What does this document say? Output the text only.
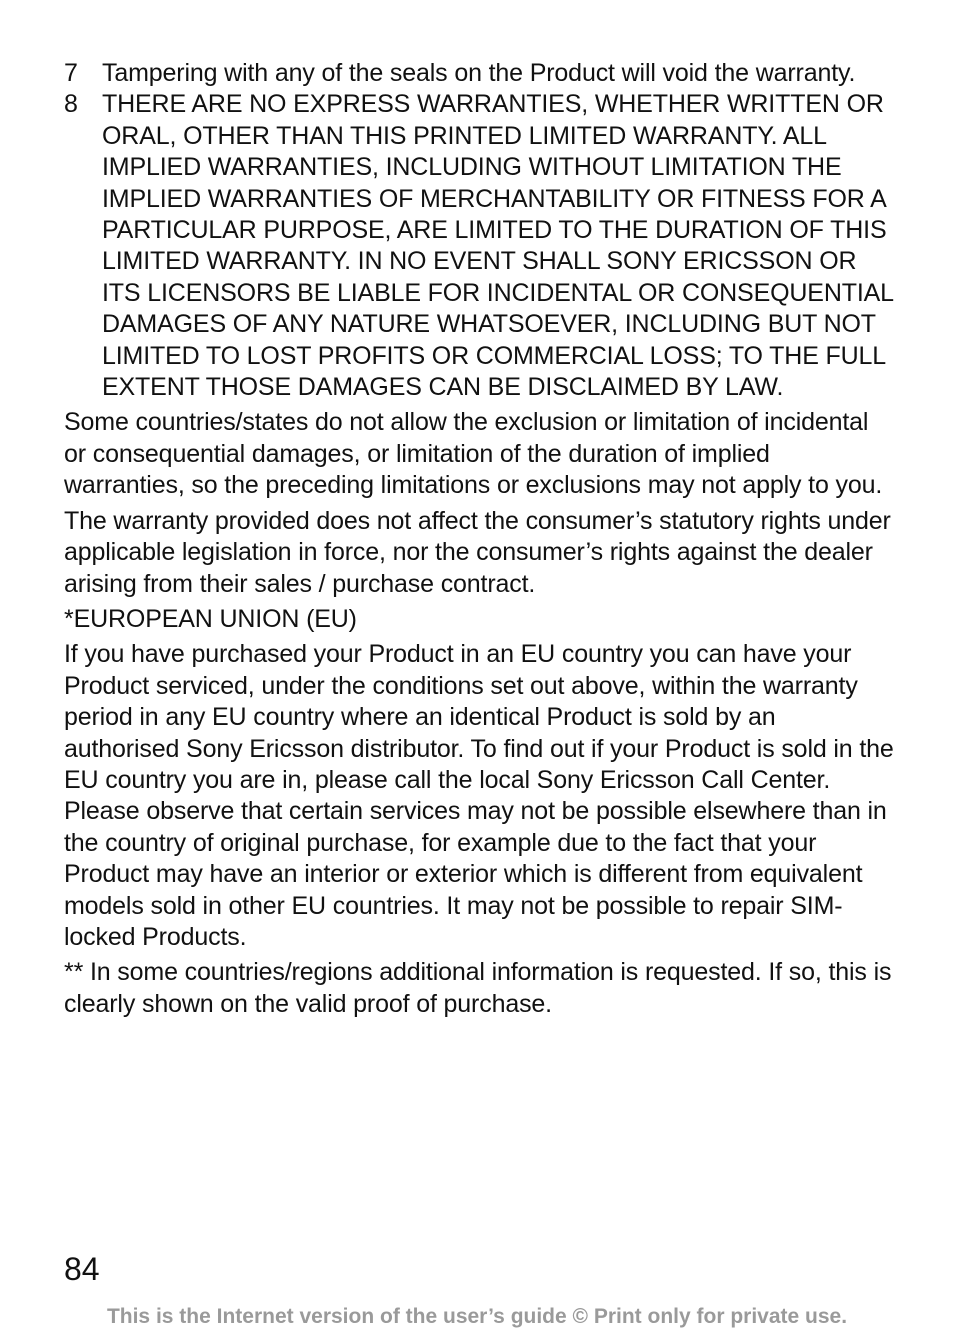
7 Tampering with any of the seals on the Product will void the warranty.
8 THERE ARE NO EXPRESS WARRANTIES, WHETHER WRITTEN OR ORAL, OTHER THAN THIS PRINTED LIMITED WARRANTY. ALL IMPLIED WARRANTIES, INCLUDING WITHOUT LIMITATION THE IMPLIED WARRANTIES OF MERCHANTABILITY OR FITNESS FOR A PARTICULAR PURPOSE, ARE LIMITED TO THE DURATION OF THIS LIMITED WARRANTY. IN NO EVENT SHALL SONY ERICSSON OR ITS LICENSORS BE LIABLE FOR INCIDENTAL OR CONSEQUENTIAL DAMAGES OF ANY NATURE WHATSOEVER, INCLUDING BUT NOT LIMITED TO LOST PROFITS OR COMMERCIAL LOSS; TO THE FULL EXTENT THOSE DAMAGES CAN BE DISCLAIMED BY LAW.

Some countries/states do not allow the exclusion or limitation of incidental or consequential damages, or limitation of the duration of implied warranties, so the preceding limitations or exclusions may not apply to you.

The warranty provided does not affect the consumer’s statutory rights under applicable legislation in force, nor the consumer’s rights against the dealer arising from their sales / purchase contract.

*EUROPEAN UNION (EU)

If you have purchased your Product in an EU country you can have your Product serviced, under the conditions set out above, within the warranty period in any EU country where an identical Product is sold by an authorised Sony Ericsson distributor. To find out if your Product is sold in the EU country you are in, please call the local Sony Ericsson Call Center. Please observe that certain services may not be possible elsewhere than in the country of original purchase, for example due to the fact that your Product may have an interior or exterior which is different from equivalent models sold in other EU countries. It may not be possible to repair SIM-locked Products.

** In some countries/regions additional information is requested. If so, this is clearly shown on the valid proof of purchase.

84
This is the Internet version of the user’s guide © Print only for private use.
